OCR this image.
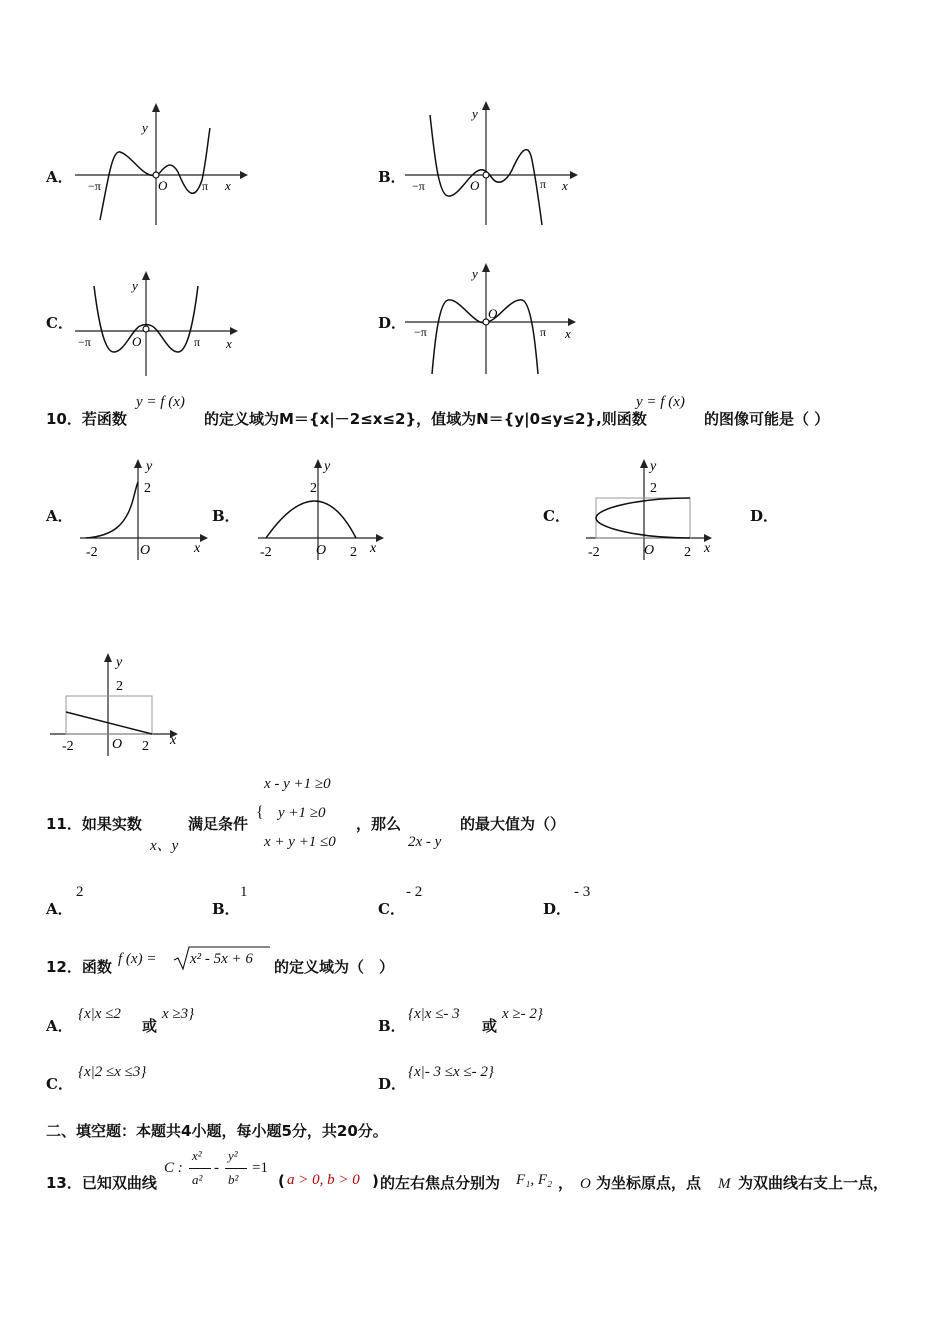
A．
y
x
O
−π	π	B．
y
x
O
−π	π
C．
y
x
O
−π	π
D．
y
x
O
−π	π
10．若函数
y = f (x)
的定义域为M＝{x|－2≤x≤2}，值域为N＝{y|0≤y≤2},则函数
y = f (x)
的图像可能是（ ）
A．
y
2
-2	O	x
B．
y
2
-2	O 2 x
C．
y
2
-2	O 2 x
D．
y
2
-2	O 2 x
11．如果实数
x、y
满足条件
{
x - y +1 ≥0
y +1 ≥0
x + y +1 ≤0
，那么
2x - y
的最大值为（）
A．
2
B．
1
C．
- 2
D．
- 3
12．函数 f (x) = x² - 5x + 6 的定义域为（　）
A．
{x|x ≤2
或
x ≥3}
B．
{x|x ≤- 3
或
x ≥- 2}
C．
{x|2 ≤x ≤3}
D．
{x|- 3 ≤x ≤- 2}
二、填空题：本题共4小题，每小题5分，共20分。
13．已知双曲线
C :
x²
a²
-
y²
b²
=1
( a > 0, b > 0 ) 的左右焦点分别为 F₁, F₂ ， O 为坐标原点，点 M 为双曲线右支上一点，
